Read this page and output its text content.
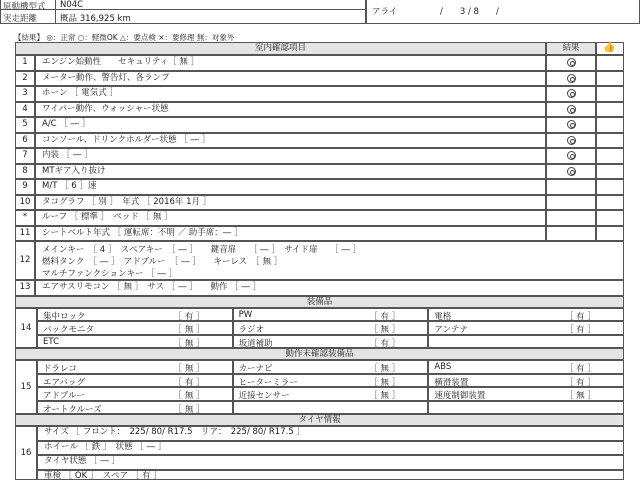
原動機型式 N04C
実走距離	概品 316,925 km
アライ	/　　3 / 8　　/
【結果】 ◎：正常 ○：軽微OK △：要点検 ×：要修理 無：対象外
室内確認項目	結果	👍
1	エンジン始動性　　セキュリティ［ 無 ］
2	メーター動作、警告灯、各ランプ
3	ホーン ［ 電気式 ］
4	ワイパー動作、ウォッシャー状態
5	A/C ［ ― ］
6	コンソール、ドリンクホルダー状態 ［ ― ］
7	内装 ［ ― ］
8	MTギア入り抜け
9	M/T ［ 6 ］速
10	タコグラフ ［ 別 ］　年式 ［ 2016年 1月 ］
*	ルーフ ［ 標準 ］　ベッド ［ 無 ］
11	シートベルト年式 ［ 運転席：不明 ／ 助手席：― ］
12
メインキー　［ 4 ］　スペアキー　［ ― ］　　鍵音扉　　［ ― ］　サイド扉　　［ ― ］
燃料タンク　［ ― ］　アドブルー　［ ― ］　　キーレス　［ 無 ］
マルチファンクションキー ［ ― ］
13	エアサスリモコン ［ 無 ］　サス ［ ― ］　　動作 ［ ― ］
装備品
14
集中ロック	［ 有 ］	PW	［ 有 ］	電格	［ 有 ］
バックモニタ	［ 無 ］	ラジオ	［ 無 ］	アンテナ	［ 有 ］
ETC	［ 無 ］	坂道補助	［ 有 ］
動作未確認装備品
15
ドラレコ	［ 無 ］	カーナビ	［ 無 ］	ABS	［ 有 ］
エアバッグ	［ 有 ］	ヒーターミラー	［ 無 ］	横滑装置	［ 有 ］
アドブルー	［ 無 ］	近接センサー	［ 無 ］	速度制御装置	［ 無 ］
オートクルーズ	［ 無 ］
タイヤ情報
16
サイズ ［ フロント：　225/ 80/ R17.5　リア：　225/ 80/ R17.5 ］
ホイール ［ 鉄 ］　状態 ［ ― ］
タイヤ状態 ［ ― ］
車検 ［ OK ］　スペア ［ 有 ］
